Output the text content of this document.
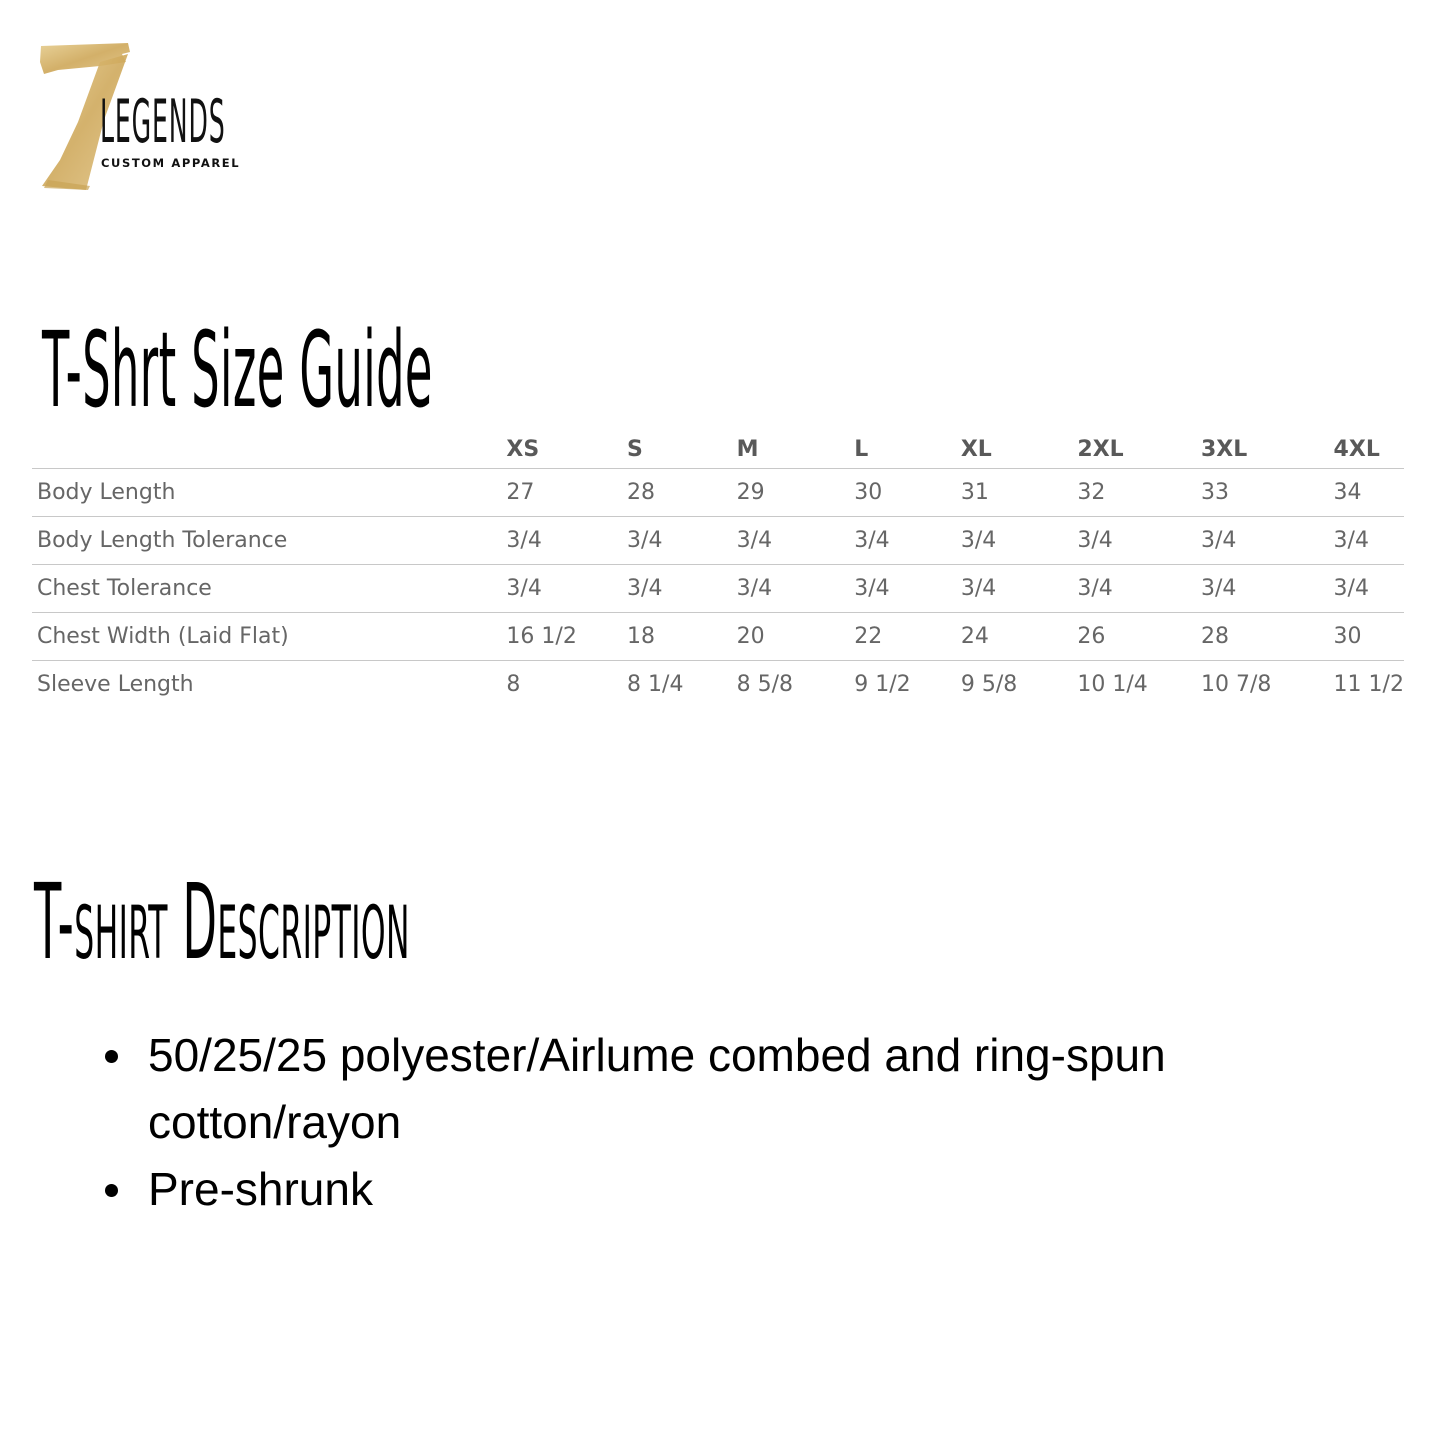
LEGENDS
CUSTOM APPAREL
T-Shrt Size Guide
	XS	S	M	L	XL	2XL	3XL	4XL
Body Length	27	28	29	30	31	32	33	34
Body Length Tolerance	3/4	3/4	3/4	3/4	3/4	3/4	3/4	3/4
Chest Tolerance	3/4	3/4	3/4	3/4	3/4	3/4	3/4	3/4
Chest Width (Laid Flat)	16 1/2	18	20	22	24	26	28	30
Sleeve Length	8	8 1/4	8 5/8	9 1/2	9 5/8	10 1/4	10 7/8	11 1/2
T-shirt Description
50/25/25 polyester/Airlume combed and ring-spun cotton/rayon
Pre-shrunk
